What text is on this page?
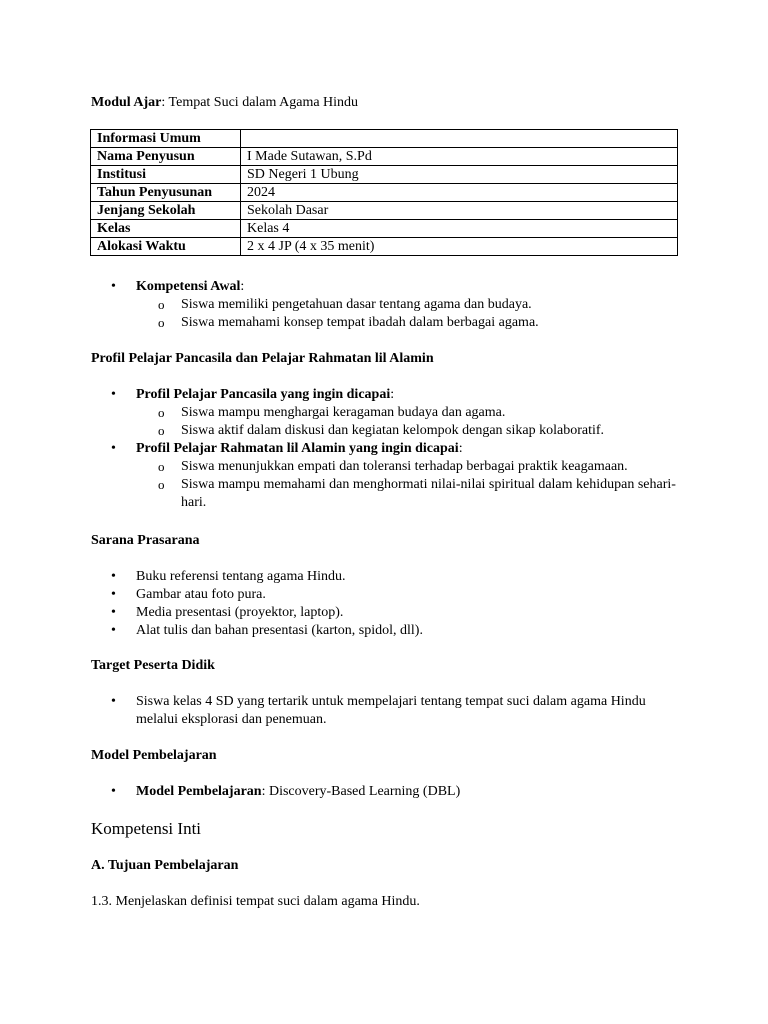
Modul Ajar: Tempat Suci dalam Agama Hindu

Informasi Umum	
Nama Penyusun	I Made Sutawan, S.Pd
Institusi	SD Negeri 1 Ubung
Tahun Penyusunan	2024
Jenjang Sekolah	Sekolah Dasar
Kelas	Kelas 4
Alokasi Waktu	2 x 4 JP (4 x 35 menit)
• Kompetensi Awal:
o Siswa memiliki pengetahuan dasar tentang agama dan budaya.
o Siswa memahami konsep tempat ibadah dalam berbagai agama.

Profil Pelajar Pancasila dan Pelajar Rahmatan lil Alamin

• Profil Pelajar Pancasila yang ingin dicapai:
o Siswa mampu menghargai keragaman budaya dan agama.
o Siswa aktif dalam diskusi dan kegiatan kelompok dengan sikap kolaboratif.
• Profil Pelajar Rahmatan lil Alamin yang ingin dicapai:
o Siswa menunjukkan empati dan toleransi terhadap berbagai praktik keagamaan.
o Siswa mampu memahami dan menghormati nilai-nilai spiritual dalam kehidupan sehari-hari.

Sarana Prasarana

• Buku referensi tentang agama Hindu.
• Gambar atau foto pura.
• Media presentasi (proyektor, laptop).
• Alat tulis dan bahan presentasi (karton, spidol, dll).

Target Peserta Didik

• Siswa kelas 4 SD yang tertarik untuk mempelajari tentang tempat suci dalam agama Hindu melalui eksplorasi dan penemuan.

Model Pembelajaran

• Model Pembelajaran: Discovery-Based Learning (DBL)

Kompetensi Inti

A. Tujuan Pembelajaran

1.3. Menjelaskan definisi tempat suci dalam agama Hindu.
